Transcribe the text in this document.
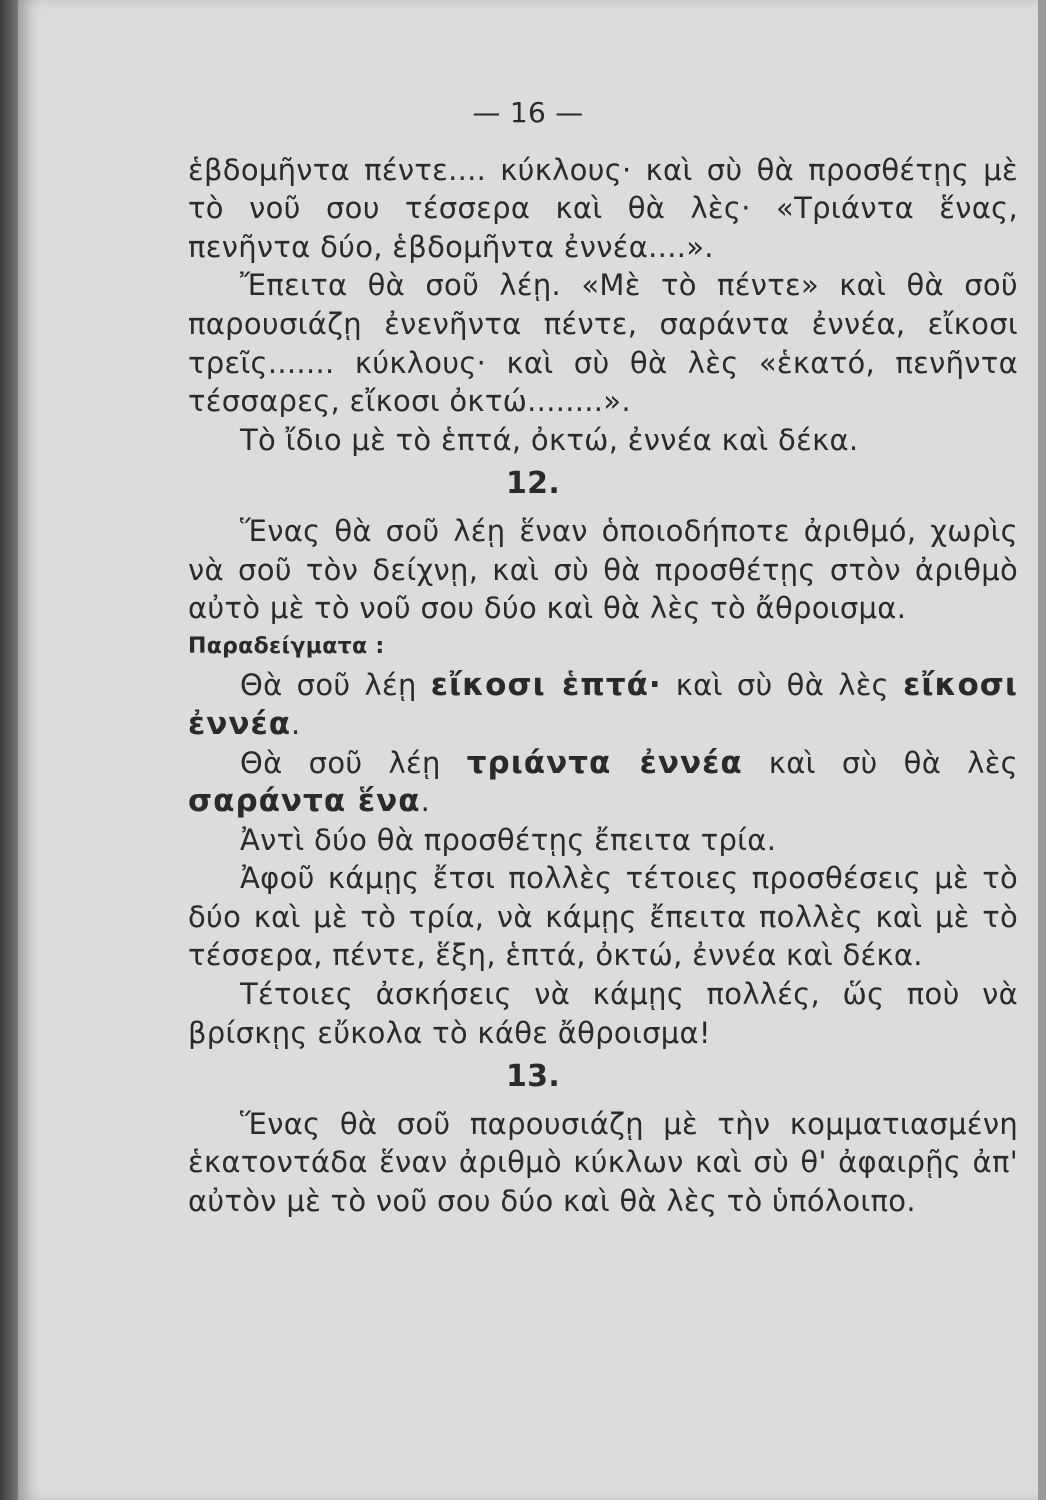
— 16 —

ἑβδομῆντα πέντε.... κύκλους· καὶ σὺ θὰ προσθέτῃς μὲ τὸ νοῦ σου τέσσερα καὶ θὰ λὲς· «Τριάντα ἕνας, πενῆντα δύο, ἑβδομῆντα ἐννέα....».

Ἔπειτα θὰ σοῦ λέῃ. «Μὲ τὸ πέντε» καὶ θὰ σοῦ παρουσιάζῃ ἐνενῆντα πέντε, σαράντα ἐννέα, εἴκοσι τρεῖς....... κύκλους· καὶ σὺ θὰ λὲς «ἑκατό, πενῆντα τέσσαρες, εἴκοσι ὀκτώ........».

Τὸ ἴδιο μὲ τὸ ἑπτά, ὀκτώ, ἐννέα καὶ δέκα.

12.

Ἕνας θὰ σοῦ λέῃ ἕναν ὁποιοδήποτε ἀριθμό, χωρὶς νὰ σοῦ τὸν δείχνῃ, καὶ σὺ θὰ προσθέτῃς στὸν ἀριθμὸ αὐτὸ μὲ τὸ νοῦ σου δύο καὶ θὰ λὲς τὸ ἄθροισμα.

Παραδείγματα :

Θὰ σοῦ λέῃ εἴκοσι ἑπτά· καὶ σὺ θὰ λὲς εἴκοσι ἐννέα.

Θὰ σοῦ λέῃ τριάντα ἐννέα καὶ σὺ θὰ λὲς σαράντα ἕνα.

Ἀντὶ δύο θὰ προσθέτῃς ἔπειτα τρία.

Ἀφοῦ κάμῃς ἔτσι πολλὲς τέτοιες προσθέσεις μὲ τὸ δύο καὶ μὲ τὸ τρία, νὰ κάμῃς ἔπειτα πολλὲς καὶ μὲ τὸ τέσσερα, πέντε, ἕξη, ἑπτά, ὀκτώ, ἐννέα καὶ δέκα.

Τέτοιες ἀσκήσεις νὰ κάμῃς πολλές, ὥς ποὺ νὰ βρίσκῃς εὔκολα τὸ κάθε ἄθροισμα!

13.

Ἕνας θὰ σοῦ παρουσιάζῃ μὲ τὴν κομματιασμένη ἑκατοντάδα ἕναν ἀριθμὸ κύκλων καὶ σὺ θ' ἀφαιρῇς ἀπ' αὐτὸν μὲ τὸ νοῦ σου δύο καὶ θὰ λὲς τὸ ὑπόλοιπο.
